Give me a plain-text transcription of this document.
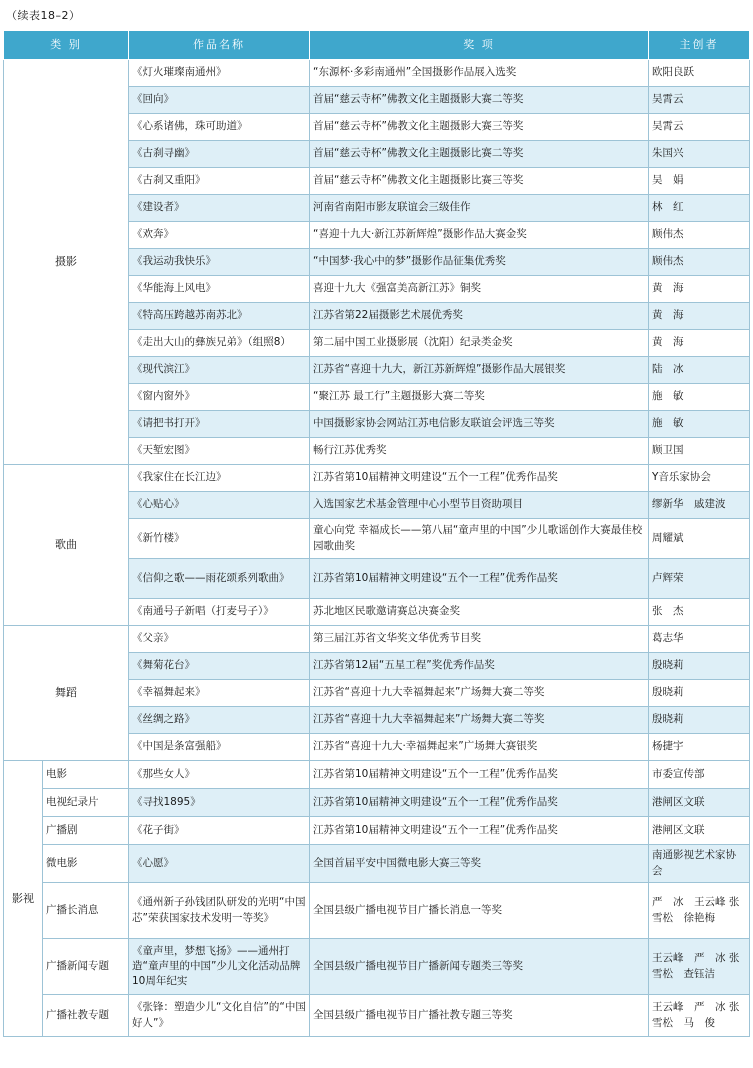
（续表18–2）
类 别		作品名称	奖 项	主创者
摄影		《灯火璀璨南通州》	“东源杯·多彩南通州”全国摄影作品展入选奖	欧阳良跃
		《回向》	首届“慈云寺杯”佛教文化主题摄影大赛二等奖	吴霄云
		《心系诸佛，珠可助道》	首届“慈云寺杯”佛教文化主题摄影大赛三等奖	吴霄云
		《古刹寻幽》	首届“慈云寺杯”佛教文化主题摄影比赛二等奖	朱国兴
		《古刹又重阳》	首届“慈云寺杯”佛教文化主题摄影比赛三等奖	吴　娟
		《建设者》	河南省南阳市影友联谊会三级佳作	林　红
		《欢奔》	“喜迎十九大·新江苏新辉煌”摄影作品大赛金奖	顾伟杰
		《我运动我快乐》	“中国梦·我心中的梦”摄影作品征集优秀奖	顾伟杰
		《华能海上风电》	喜迎十九大《强富美高新江苏》铜奖	黄　海
		《特高压跨越苏南苏北》	江苏省第22届摄影艺术展优秀奖	黄　海
		《走出大山的彝族兄弟》（组照8）	第二届中国工业摄影展（沈阳）纪录类金奖	黄　海
		《现代滨江》	江苏省“喜迎十九大，新江苏新辉煌”摄影作品大展银奖	陆　冰
		《窗内窗外》	“聚江苏 最工行”主题摄影大赛二等奖	施　敏
		《请把书打开》	中国摄影家协会网站江苏电信影友联谊会评选三等奖	施　敏
		《天堑宏图》	畅行江苏优秀奖	顾卫国
歌曲		《我家住在长江边》	江苏省第10届精神文明建设“五个一工程”优秀作品奖	Y音乐家协会
		《心贴心》	入选国家艺术基金管理中心小型节目资助项目	缪新华　戚建波
		《新竹楼》	童心向党 幸福成长——第八届“童声里的中国”少儿歌谣创作大赛最佳校园歌曲奖	周耀斌
		《信仰之歌——雨花颂系列歌曲》	江苏省第10届精神文明建设“五个一工程”优秀作品奖	卢辉荣
		《南通号子新唱（打麦号子）》	苏北地区民歌邀请赛总决赛金奖	张　杰
舞蹈		《父亲》	第三届江苏省文华奖文华优秀节目奖	葛志华
		《舞菊花台》	江苏省第12届“五星工程”奖优秀作品奖	殷晓莉
		《幸福舞起来》	江苏省“喜迎十九大幸福舞起来”广场舞大赛二等奖	殷晓莉
		《丝绸之路》	江苏省“喜迎十九大幸福舞起来”广场舞大赛二等奖	殷晓莉
		《中国是条富强船》	江苏省“喜迎十九大·幸福舞起来”广场舞大赛银奖	杨捷宇
影视	电影	《那些女人》	江苏省第10届精神文明建设“五个一工程”优秀作品奖	市委宣传部
	电视纪录片	《寻找1895》	江苏省第10届精神文明建设“五个一工程”优秀作品奖	港闸区文联
	广播剧	《花子街》	江苏省第10届精神文明建设“五个一工程”优秀作品奖	港闸区文联
	微电影	《心愿》	全国首届平安中国微电影大赛三等奖	南通影视艺术家协会
	广播长消息	《通州新子孙钱团队研发的光明“中国芯”荣获国家技术发明一等奖》	全国县级广播电视节目广播长消息一等奖	严　冰　王云峰 张雪松　徐艳梅
	广播新闻专题	《童声里，梦想飞扬》——通州打造“童声里的中国”少儿文化活动品牌10周年纪实	全国县级广播电视节目广播新闻专题类三等奖	王云峰　严　冰 张雪松　查钰洁
	广播社教专题	《张锋：塑造少儿“文化自信”的“中国好人”》	全国县级广播电视节目广播社教专题三等奖	王云峰　严　冰 张雪松　马　俊
